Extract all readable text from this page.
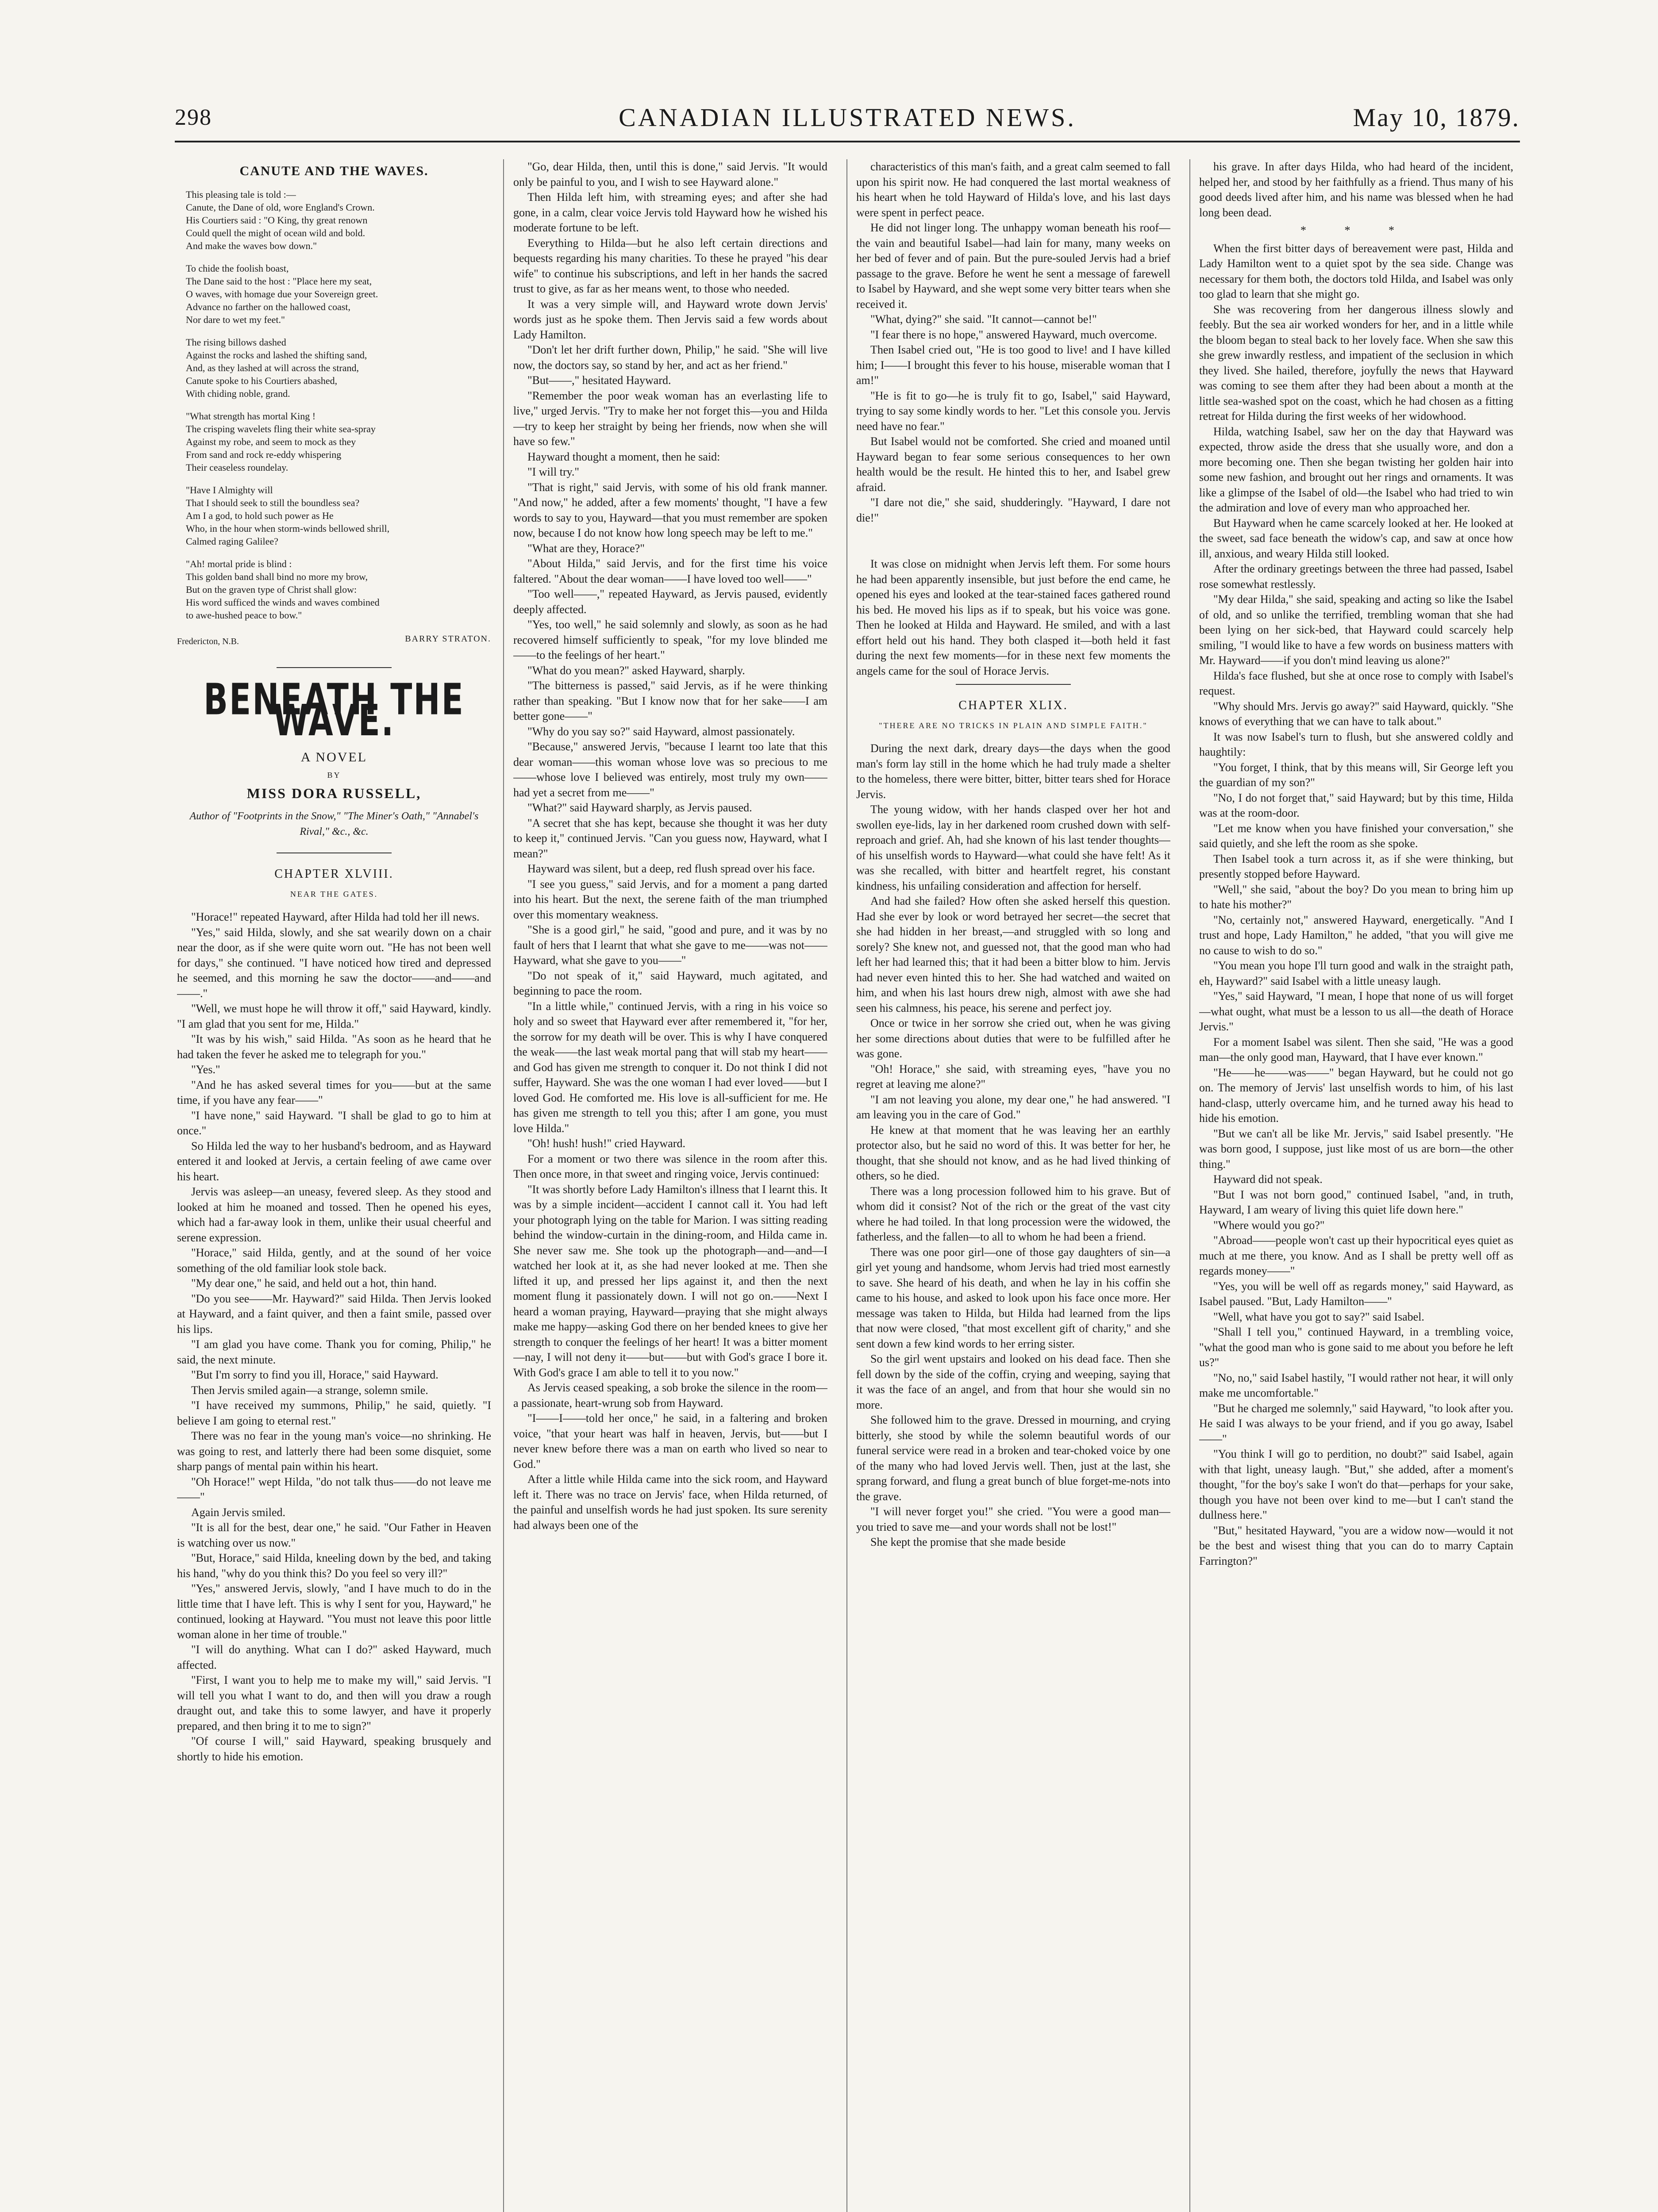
298	CANADIAN ILLUSTRATED NEWS.	May 10, 1879.
CANUTE AND THE WAVES.
This pleasing tale is told :—
Canute, the Dane of old, wore England's Crown.
His Courtiers said : "O King, thy great renown
Could quell the might of ocean wild and bold.
And make the waves bow down."
To chide the foolish boast,
The Dane said to the host : "Place here my seat,
O waves, with homage due your Sovereign greet.
Advance no farther on the hallowed coast,
Nor dare to wet my feet."
The rising billows dashed
Against the rocks and lashed the shifting sand,
And, as they lashed at will across the strand,
Canute spoke to his Courtiers abashed,
With chiding noble, grand.
"What strength has mortal King !
The crisping wavelets fling their white sea-spray
Against my robe, and seem to mock as they
From sand and rock re-eddy whispering
Their ceaseless roundelay.
"Have I Almighty will
That I should seek to still the boundless sea?
Am I a god, to hold such power as He
Who, in the hour when storm-winds bellowed shrill,
Calmed raging Galilee?
"Ah! mortal pride is blind :
This golden band shall bind no more my brow,
But on the graven type of Christ shall glow:
His word sufficed the winds and waves combined
to awe-hushed peace to bow."
BARRY STRATON.
Fredericton, N.B.
BENEATH THE WAVE.
A NOVEL
BY
MISS DORA RUSSELL,
Author of "Footprints in the Snow," "The Miner's Oath," "Annabel's Rival," &c., &c.
CHAPTER XLVIII.
NEAR THE GATES.

"Horace!" repeated Hayward, after Hilda had told her ill news.

"Yes," said Hilda, slowly, and she sat wearily down on a chair near the door, as if she were quite worn out. "He has not been well for days," she continued. "I have noticed how tired and depressed he seemed, and this morning he saw the doctor——and——and——."

"Well, we must hope he will throw it off," said Hayward, kindly. "I am glad that you sent for me, Hilda."

"It was by his wish," said Hilda. "As soon as he heard that he had taken the fever he asked me to telegraph for you."

"Yes."

"And he has asked several times for you——but at the same time, if you have any fear——"

"I have none," said Hayward. "I shall be glad to go to him at once."

So Hilda led the way to her husband's bedroom, and as Hayward entered it and looked at Jervis, a certain feeling of awe came over his heart.

Jervis was asleep—an uneasy, fevered sleep. As they stood and looked at him he moaned and tossed. Then he opened his eyes, which had a far-away look in them, unlike their usual cheerful and serene expression.

"Horace," said Hilda, gently, and at the sound of her voice something of the old familiar look stole back.

"My dear one," he said, and held out a hot, thin hand.

"Do you see——Mr. Hayward?" said Hilda. Then Jervis looked at Hayward, and a faint quiver, and then a faint smile, passed over his lips.

"I am glad you have come. Thank you for coming, Philip," he said, the next minute.

"But I'm sorry to find you ill, Horace," said Hayward.

Then Jervis smiled again—a strange, solemn smile.

"I have received my summons, Philip," he said, quietly. "I believe I am going to eternal rest."

There was no fear in the young man's voice—no shrinking. He was going to rest, and latterly there had been some disquiet, some sharp pangs of mental pain within his heart.

"Oh Horace!" wept Hilda, "do not talk thus——do not leave me——"

Again Jervis smiled.

"It is all for the best, dear one," he said. "Our Father in Heaven is watching over us now."

"But, Horace," said Hilda, kneeling down by the bed, and taking his hand, "why do you think this? Do you feel so very ill?"

"Yes," answered Jervis, slowly, "and I have much to do in the little time that I have left. This is why I sent for you, Hayward," he continued, looking at Hayward. "You must not leave this poor little woman alone in her time of trouble."

"I will do anything. What can I do?" asked Hayward, much affected.

"First, I want you to help me to make my will," said Jervis. "I will tell you what I want to do, and then will you draw a rough draught out, and take this to some lawyer, and have it properly prepared, and then bring it to me to sign?"

"Of course I will," said Hayward, speaking brusquely and shortly to hide his emotion.

"Go, dear Hilda, then, until this is done," said Jervis. "It would only be painful to you, and I wish to see Hayward alone."

Then Hilda left him, with streaming eyes; and after she had gone, in a calm, clear voice Jervis told Hayward how he wished his moderate fortune to be left.

Everything to Hilda—but he also left certain directions and bequests regarding his many charities. To these he prayed "his dear wife" to continue his subscriptions, and left in her hands the sacred trust to give, as far as her means went, to those who needed.

It was a very simple will, and Hayward wrote down Jervis' words just as he spoke them. Then Jervis said a few words about Lady Hamilton.

"Don't let her drift further down, Philip," he said. "She will live now, the doctors say, so stand by her, and act as her friend."

"But——," hesitated Hayward.

"Remember the poor weak woman has an everlasting life to live," urged Jervis. "Try to make her not forget this—you and Hilda—try to keep her straight by being her friends, now when she will have so few."

Hayward thought a moment, then he said:

"I will try."

"That is right," said Jervis, with some of his old frank manner. "And now," he added, after a few moments' thought, "I have a few words to say to you, Hayward—that you must remember are spoken now, because I do not know how long speech may be left to me."

"What are they, Horace?"

"About Hilda," said Jervis, and for the first time his voice faltered. "About the dear woman——I have loved too well——"

"Too well——," repeated Hayward, as Jervis paused, evidently deeply affected.

"Yes, too well," he said solemnly and slowly, as soon as he had recovered himself sufficiently to speak, "for my love blinded me——to the feelings of her heart."

"What do you mean?" asked Hayward, sharply.

"The bitterness is passed," said Jervis, as if he were thinking rather than speaking. "But I know now that for her sake——I am better gone——"

"Why do you say so?" said Hayward, almost passionately.

"Because," answered Jervis, "because I learnt too late that this dear woman——this woman whose love was so precious to me——whose love I believed was entirely, most truly my own——had yet a secret from me——"

"What?" said Hayward sharply, as Jervis paused.

"A secret that she has kept, because she thought it was her duty to keep it," continued Jervis. "Can you guess now, Hayward, what I mean?"

Hayward was silent, but a deep, red flush spread over his face.

"I see you guess," said Jervis, and for a moment a pang darted into his heart. But the next, the serene faith of the man triumphed over this momentary weakness.

"She is a good girl," he said, "good and pure, and it was by no fault of hers that I learnt that what she gave to me——was not——Hayward, what she gave to you——"

"Do not speak of it," said Hayward, much agitated, and beginning to pace the room.

"In a little while," continued Jervis, with a ring in his voice so holy and so sweet that Hayward ever after remembered it, "for her, the sorrow for my death will be over. This is why I have conquered the weak——the last weak mortal pang that will stab my heart——and God has given me strength to conquer it. Do not think I did not suffer, Hayward. She was the one woman I had ever loved——but I loved God. He comforted me. His love is all-sufficient for me. He has given me strength to tell you this; after I am gone, you must love Hilda."

"Oh! hush! hush!" cried Hayward.

For a moment or two there was silence in the room after this. Then once more, in that sweet and ringing voice, Jervis continued:

"It was shortly before Lady Hamilton's illness that I learnt this. It was by a simple incident—accident I cannot call it. You had left your photograph lying on the table for Marion. I was sitting reading behind the window-curtain in the dining-room, and Hilda came in. She never saw me. She took up the photograph—and—and—I watched her look at it, as she had never looked at me. Then she lifted it up, and pressed her lips against it, and then the next moment flung it passionately down. I will not go on.——Next I heard a woman praying, Hayward—praying that she might always make me happy—asking God there on her bended knees to give her strength to conquer the feelings of her heart! It was a bitter moment—nay, I will not deny it——but——but with God's grace I bore it. With God's grace I am able to tell it to you now."

As Jervis ceased speaking, a sob broke the silence in the room—a passionate, heart-wrung sob from Hayward.

"I——I——told her once," he said, in a faltering and broken voice, "that your heart was half in heaven, Jervis, but——but I never knew before there was a man on earth who lived so near to God."

After a little while Hilda came into the sick room, and Hayward left it. There was no trace on Jervis' face, when Hilda returned, of the painful and unselfish words he had just spoken. Its sure serenity had always been one of the

characteristics of this man's faith, and a great calm seemed to fall upon his spirit now. He had conquered the last mortal weakness of his heart when he told Hayward of Hilda's love, and his last days were spent in perfect peace.

He did not linger long. The unhappy woman beneath his roof—the vain and beautiful Isabel—had lain for many, many weeks on her bed of fever and of pain. But the pure-souled Jervis had a brief passage to the grave. Before he went he sent a message of farewell to Isabel by Hayward, and she wept some very bitter tears when she received it.

"What, dying?" she said. "It cannot—cannot be!"

"I fear there is no hope," answered Hayward, much overcome.

Then Isabel cried out, "He is too good to live! and I have killed him; I——I brought this fever to his house, miserable woman that I am!"

"He is fit to go—he is truly fit to go, Isabel," said Hayward, trying to say some kindly words to her. "Let this console you. Jervis need have no fear."

But Isabel would not be comforted. She cried and moaned until Hayward began to fear some serious consequences to her own health would be the result. He hinted this to her, and Isabel grew afraid.

"I dare not die," she said, shudderingly. "Hayward, I dare not die!"

It was close on midnight when Jervis left them. For some hours he had been apparently insensible, but just before the end came, he opened his eyes and looked at the tear-stained faces gathered round his bed. He moved his lips as if to speak, but his voice was gone. Then he looked at Hilda and Hayward. He smiled, and with a last effort held out his hand. They both clasped it—both held it fast during the next few moments—for in these next few moments the angels came for the soul of Horace Jervis.

CHAPTER XLIX.
"THERE ARE NO TRICKS IN PLAIN AND SIMPLE FAITH."

During the next dark, dreary days—the days when the good man's form lay still in the home which he had truly made a shelter to the homeless, there were bitter, bitter, bitter tears shed for Horace Jervis.

The young widow, with her hands clasped over her hot and swollen eye-lids, lay in her darkened room crushed down with self-reproach and grief. Ah, had she known of his last tender thoughts—of his unselfish words to Hayward—what could she have felt! As it was she recalled, with bitter and heartfelt regret, his constant kindness, his unfailing consideration and affection for herself.

And had she failed? How often she asked herself this question. Had she ever by look or word betrayed her secret—the secret that she had hidden in her breast,—and struggled with so long and sorely? She knew not, and guessed not, that the good man who had left her had learned this; that it had been a bitter blow to him. Jervis had never even hinted this to her. She had watched and waited on him, and when his last hours drew nigh, almost with awe she had seen his calmness, his peace, his serene and perfect joy.

Once or twice in her sorrow she cried out, when he was giving her some directions about duties that were to be fulfilled after he was gone.

"Oh! Horace," she said, with streaming eyes, "have you no regret at leaving me alone?"

"I am not leaving you alone, my dear one," he had answered. "I am leaving you in the care of God."

He knew at that moment that he was leaving her an earthly protector also, but he said no word of this. It was better for her, he thought, that she should not know, and as he had lived thinking of others, so he died.

There was a long procession followed him to his grave. But of whom did it consist? Not of the rich or the great of the vast city where he had toiled. In that long procession were the widowed, the fatherless, and the fallen—to all to whom he had been a friend.

There was one poor girl—one of those gay daughters of sin—a girl yet young and handsome, whom Jervis had tried most earnestly to save. She heard of his death, and when he lay in his coffin she came to his house, and asked to look upon his face once more. Her message was taken to Hilda, but Hilda had learned from the lips that now were closed, "that most excellent gift of charity," and she sent down a few kind words to her erring sister.

So the girl went upstairs and looked on his dead face. Then she fell down by the side of the coffin, crying and weeping, saying that it was the face of an angel, and from that hour she would sin no more.

She followed him to the grave. Dressed in mourning, and crying bitterly, she stood by while the solemn beautiful words of our funeral service were read in a broken and tear-choked voice by one of the many who had loved Jervis well. Then, just at the last, she sprang forward, and flung a great bunch of blue forget-me-nots into the grave.

"I will never forget you!" she cried. "You were a good man—you tried to save me—and your words shall not be lost!"

She kept the promise that she made beside

his grave. In after days Hilda, who had heard of the incident, helped her, and stood by her faithfully as a friend. Thus many of his good deeds lived after him, and his name was blessed when he had long been dead.

* * *

When the first bitter days of bereavement were past, Hilda and Lady Hamilton went to a quiet spot by the sea side. Change was necessary for them both, the doctors told Hilda, and Isabel was only too glad to learn that she might go.

She was recovering from her dangerous illness slowly and feebly. But the sea air worked wonders for her, and in a little while the bloom began to steal back to her lovely face. When she saw this she grew inwardly restless, and impatient of the seclusion in which they lived. She hailed, therefore, joyfully the news that Hayward was coming to see them after they had been about a month at the little sea-washed spot on the coast, which he had chosen as a fitting retreat for Hilda during the first weeks of her widowhood.

Hilda, watching Isabel, saw her on the day that Hayward was expected, throw aside the dress that she usually wore, and don a more becoming one. Then she began twisting her golden hair into some new fashion, and brought out her rings and ornaments. It was like a glimpse of the Isabel of old—the Isabel who had tried to win the admiration and love of every man who approached her.

But Hayward when he came scarcely looked at her. He looked at the sweet, sad face beneath the widow's cap, and saw at once how ill, anxious, and weary Hilda still looked.

After the ordinary greetings between the three had passed, Isabel rose somewhat restlessly.

"My dear Hilda," she said, speaking and acting so like the Isabel of old, and so unlike the terrified, trembling woman that she had been lying on her sick-bed, that Hayward could scarcely help smiling, "I would like to have a few words on business matters with Mr. Hayward——if you don't mind leaving us alone?"

Hilda's face flushed, but she at once rose to comply with Isabel's request.

"Why should Mrs. Jervis go away?" said Hayward, quickly. "She knows of everything that we can have to talk about."

It was now Isabel's turn to flush, but she answered coldly and haughtily:

"You forget, I think, that by this means will, Sir George left you the guardian of my son?"

"No, I do not forget that," said Hayward; but by this time, Hilda was at the room-door.

"Let me know when you have finished your conversation," she said quietly, and she left the room as she spoke.

Then Isabel took a turn across it, as if she were thinking, but presently stopped before Hayward.

"Well," she said, "about the boy? Do you mean to bring him up to hate his mother?"

"No, certainly not," answered Hayward, energetically. "And I trust and hope, Lady Hamilton," he added, "that you will give me no cause to wish to do so."

"You mean you hope I'll turn good and walk in the straight path, eh, Hayward?" said Isabel with a little uneasy laugh.

"Yes," said Hayward, "I mean, I hope that none of us will forget—what ought, what must be a lesson to us all—the death of Horace Jervis."

For a moment Isabel was silent. Then she said, "He was a good man—the only good man, Hayward, that I have ever known."

"He——he——was——" began Hayward, but he could not go on. The memory of Jervis' last unselfish words to him, of his last hand-clasp, utterly overcame him, and he turned away his head to hide his emotion.

"But we can't all be like Mr. Jervis," said Isabel presently. "He was born good, I suppose, just like most of us are born—the other thing."

Hayward did not speak.

"But I was not born good," continued Isabel, "and, in truth, Hayward, I am weary of living this quiet life down here."

"Where would you go?"

"Abroad——people won't cast up their hypocritical eyes quiet as much at me there, you know. And as I shall be pretty well off as regards money——"

"Yes, you will be well off as regards money," said Hayward, as Isabel paused. "But, Lady Hamilton——"

"Well, what have you got to say?" said Isabel.

"Shall I tell you," continued Hayward, in a trembling voice, "what the good man who is gone said to me about you before he left us?"

"No, no," said Isabel hastily, "I would rather not hear, it will only make me uncomfortable."

"But he charged me solemnly," said Hayward, "to look after you. He said I was always to be your friend, and if you go away, Isabel——"

"You think I will go to perdition, no doubt?" said Isabel, again with that light, uneasy laugh. "But," she added, after a moment's thought, "for the boy's sake I won't do that—perhaps for your sake, though you have not been over kind to me—but I can't stand the dullness here."

"But," hesitated Hayward, "you are a widow now—would it not be the best and wisest thing that you can do to marry Captain Farrington?"
